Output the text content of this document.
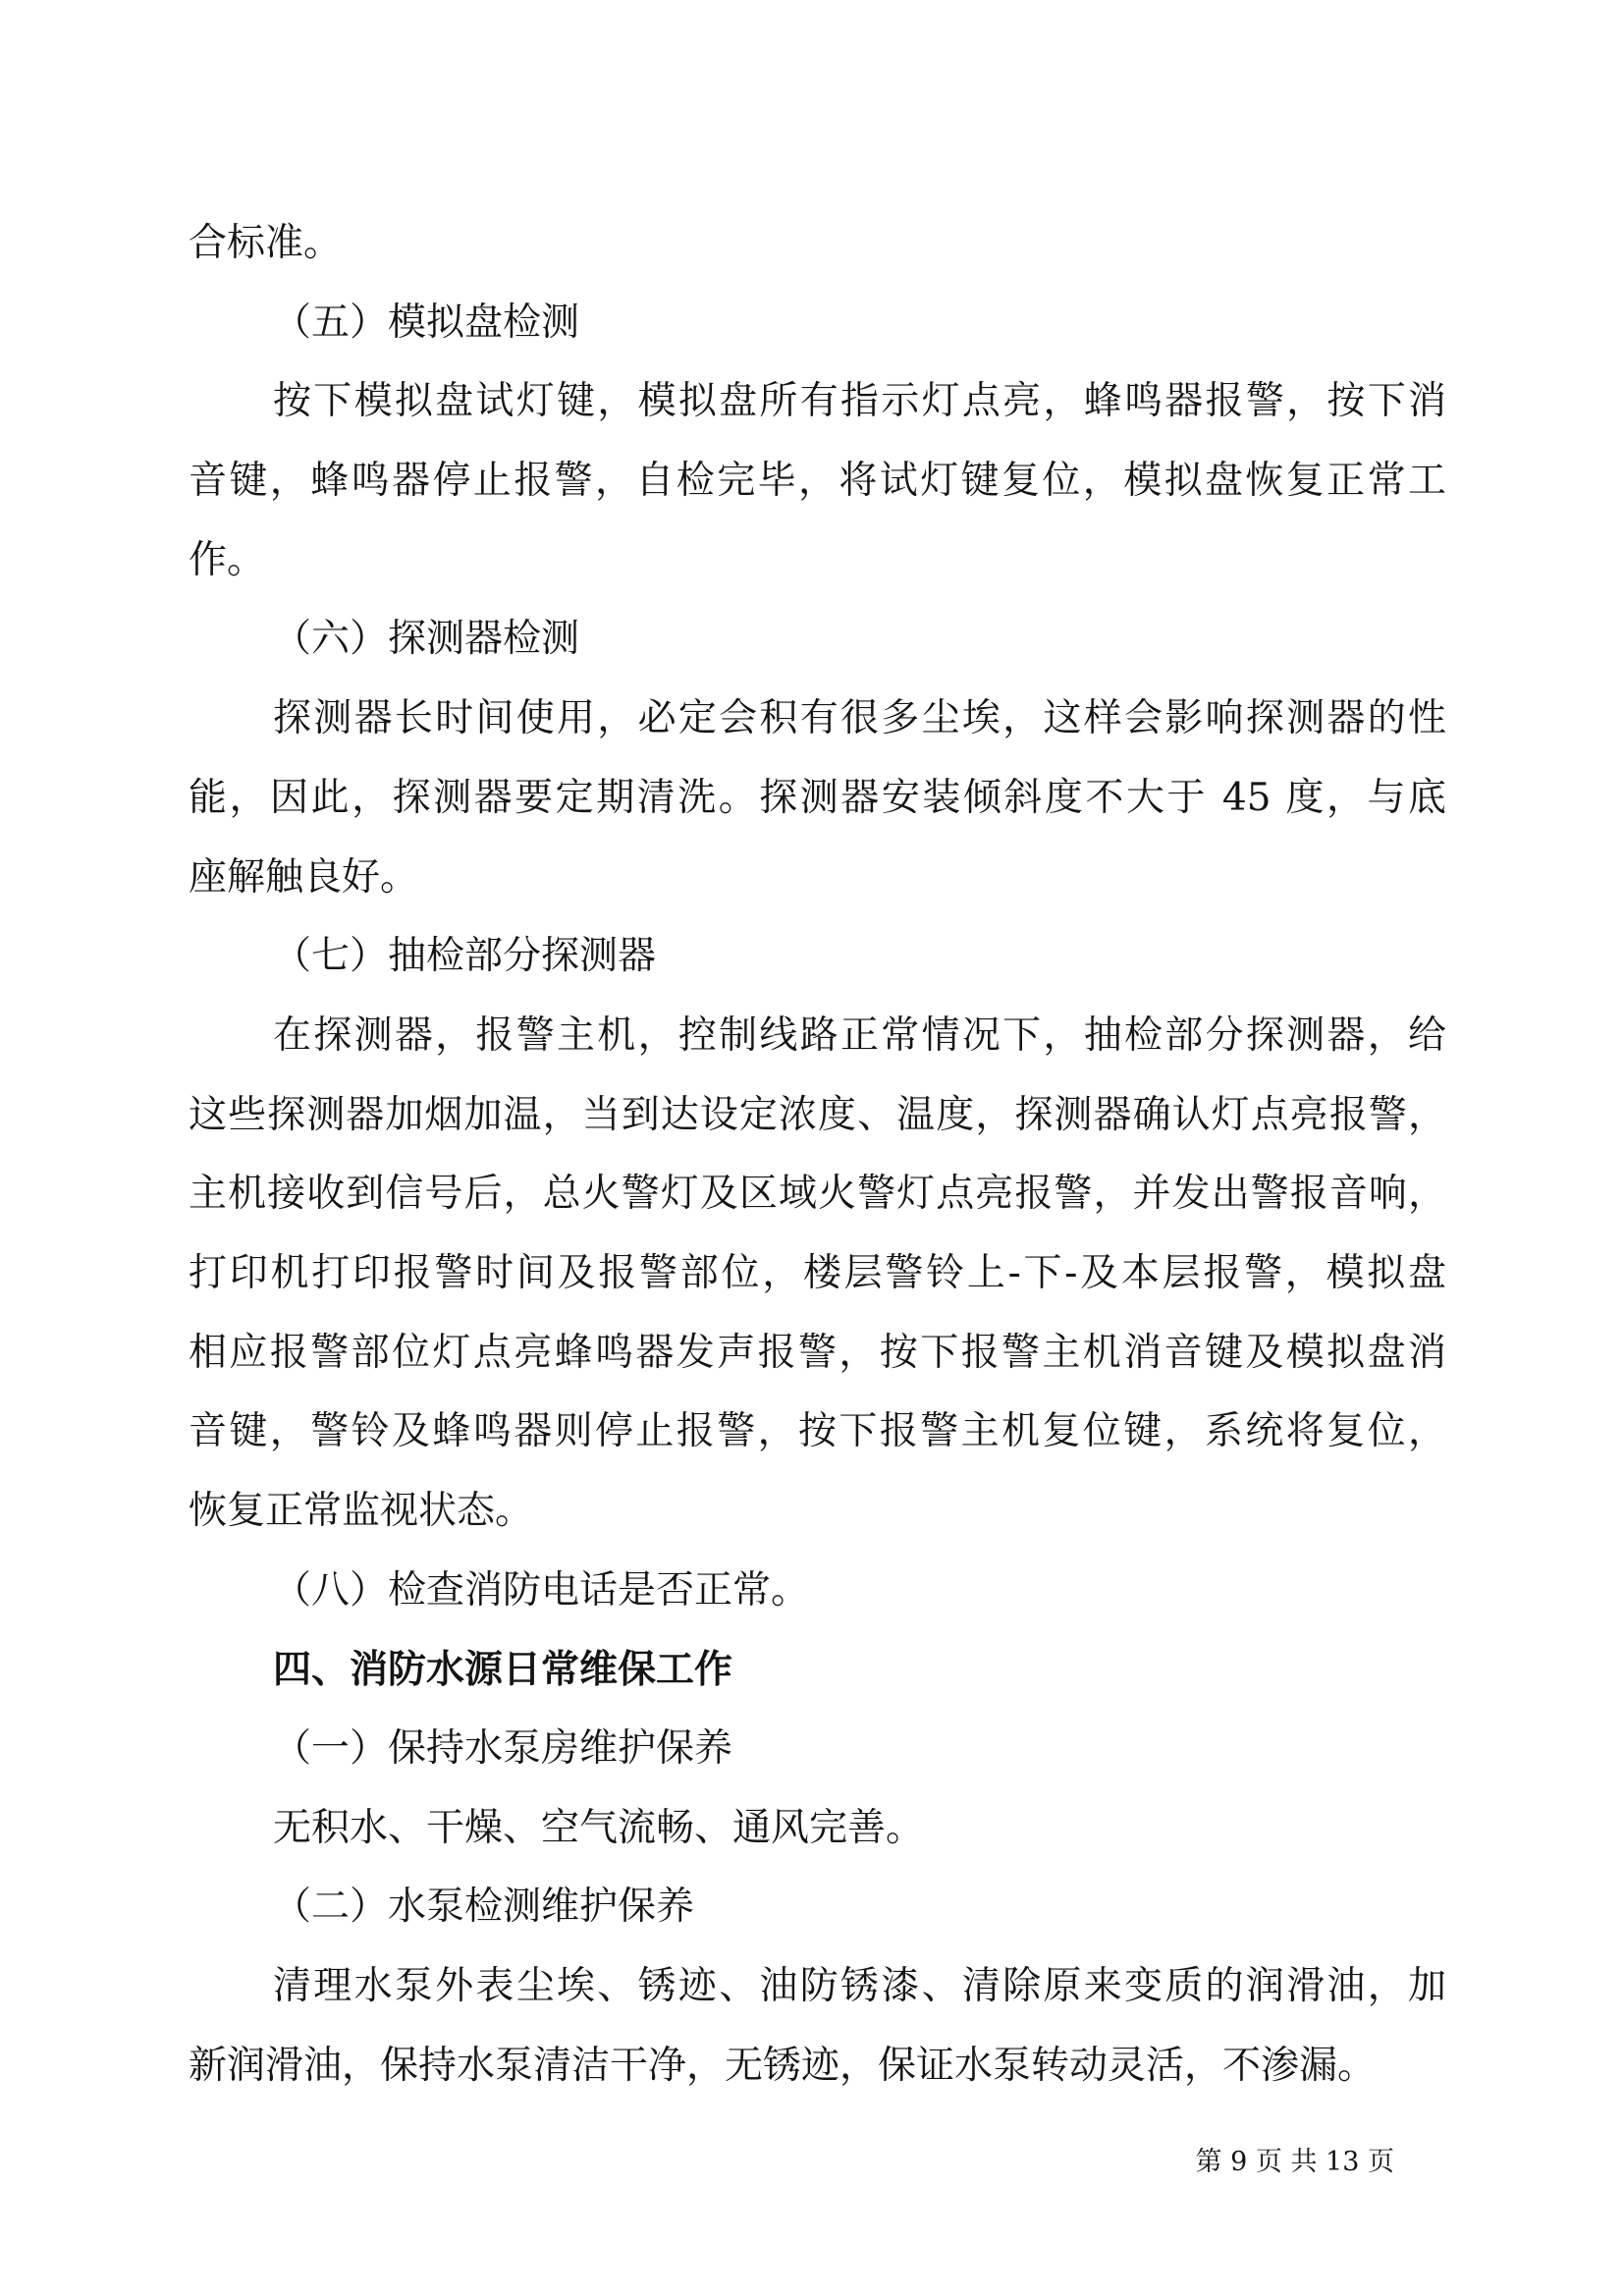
合标准。
（五）模拟盘检测
按下模拟盘试灯键，模拟盘所有指示灯点亮，蜂鸣器报警，按下消
音键，蜂鸣器停止报警，自检完毕，将试灯键复位，模拟盘恢复正常工
作。
（六）探测器检测
探测器长时间使用，必定会积有很多尘埃，这样会影响探测器的性
能，因此，探测器要定期清洗。探测器安装倾斜度不大于 45 度，与底
座解触良好。
（七）抽检部分探测器
在探测器，报警主机，控制线路正常情况下，抽检部分探测器，给
这些探测器加烟加温，当到达设定浓度、温度，探测器确认灯点亮报警，
主机接收到信号后，总火警灯及区域火警灯点亮报警，并发出警报音响，
打印机打印报警时间及报警部位，楼层警铃上-下-及本层报警，模拟盘
相应报警部位灯点亮蜂鸣器发声报警，按下报警主机消音键及模拟盘消
音键，警铃及蜂鸣器则停止报警，按下报警主机复位键，系统将复位，
恢复正常监视状态。
（八）检查消防电话是否正常。
四、消防水源日常维保工作
（一）保持水泵房维护保养
无积水、干燥、空气流畅、通风完善。
（二）水泵检测维护保养
清理水泵外表尘埃、锈迹、油防锈漆、清除原来变质的润滑油，加
新润滑油，保持水泵清洁干净，无锈迹，保证水泵转动灵活，不渗漏。
第 9 页 共 13 页
